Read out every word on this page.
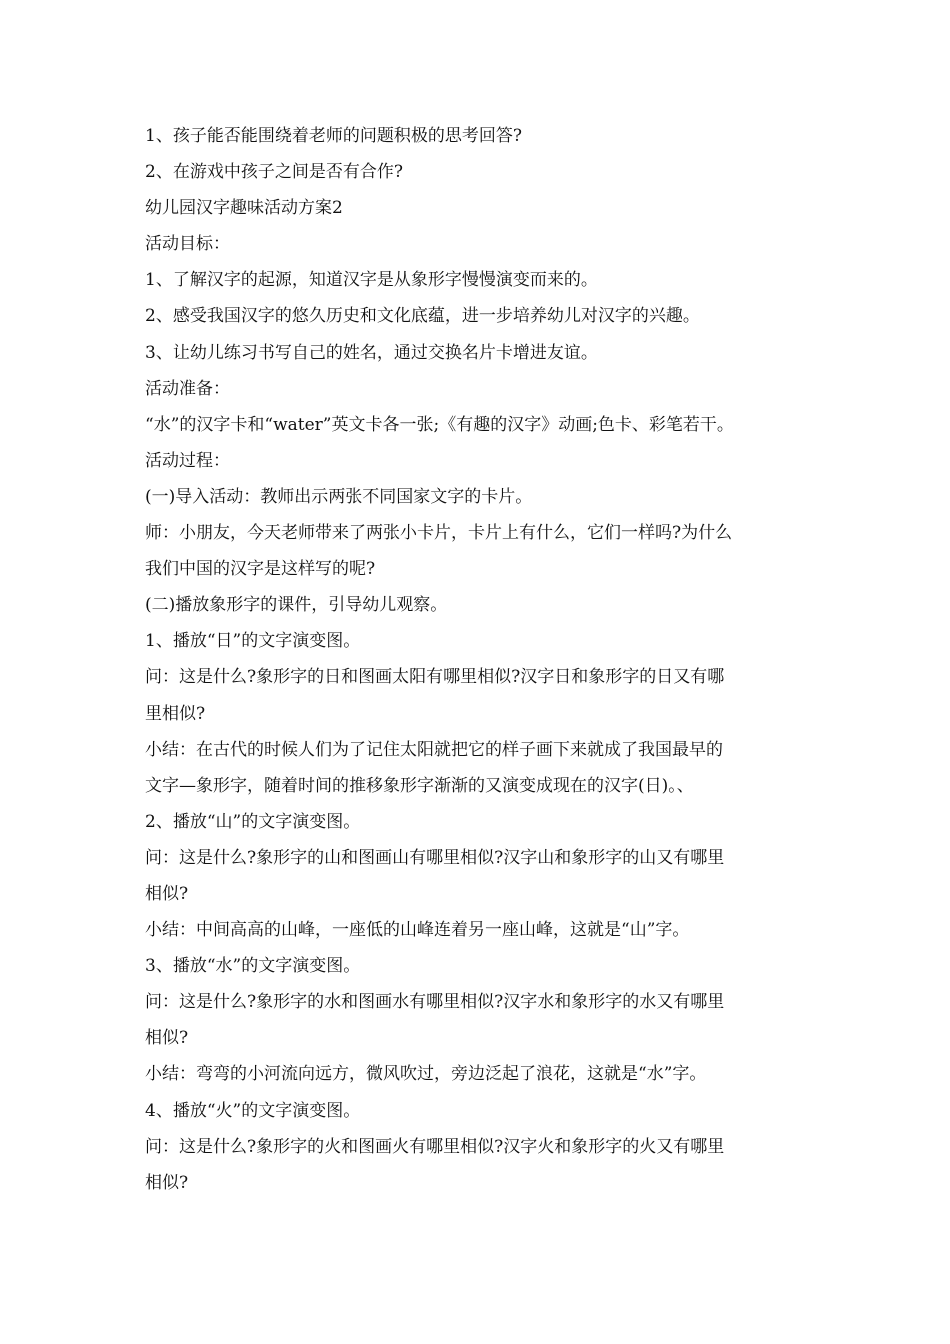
1、孩子能否能围绕着老师的问题积极的思考回答?
2、在游戏中孩子之间是否有合作?
幼儿园汉字趣味活动方案2
活动目标：
1、了解汉字的起源，知道汉字是从象形字慢慢演变而来的。
2、感受我国汉字的悠久历史和文化底蕴，进一步培养幼儿对汉字的兴趣。
3、让幼儿练习书写自己的姓名，通过交换名片卡增进友谊。
活动准备：
“水”的汉字卡和“water”英文卡各一张;《有趣的汉字》动画;色卡、彩笔若干。
活动过程：
(一)导入活动：教师出示两张不同国家文字的卡片。
师：小朋友，今天老师带来了两张小卡片，卡片上有什么，它们一样吗?为什么
我们中国的汉字是这样写的呢?
(二)播放象形字的课件，引导幼儿观察。
1、播放“日”的文字演变图。
问：这是什么?象形字的日和图画太阳有哪里相似?汉字日和象形字的日又有哪
里相似?
小结：在古代的时候人们为了记住太阳就把它的样子画下来就成了我国最早的
文字—象形字，随着时间的推移象形字渐渐的又演变成现在的汉字(日)。、
2、播放“山”的文字演变图。
问：这是什么?象形字的山和图画山有哪里相似?汉字山和象形字的山又有哪里
相似?
小结：中间高高的山峰，一座低的山峰连着另一座山峰，这就是“山”字。
3、播放“水”的文字演变图。
问：这是什么?象形字的水和图画水有哪里相似?汉字水和象形字的水又有哪里
相似?
小结：弯弯的小河流向远方，微风吹过，旁边泛起了浪花，这就是“水”字。
4、播放“火”的文字演变图。
问：这是什么?象形字的火和图画火有哪里相似?汉字火和象形字的火又有哪里
相似?
